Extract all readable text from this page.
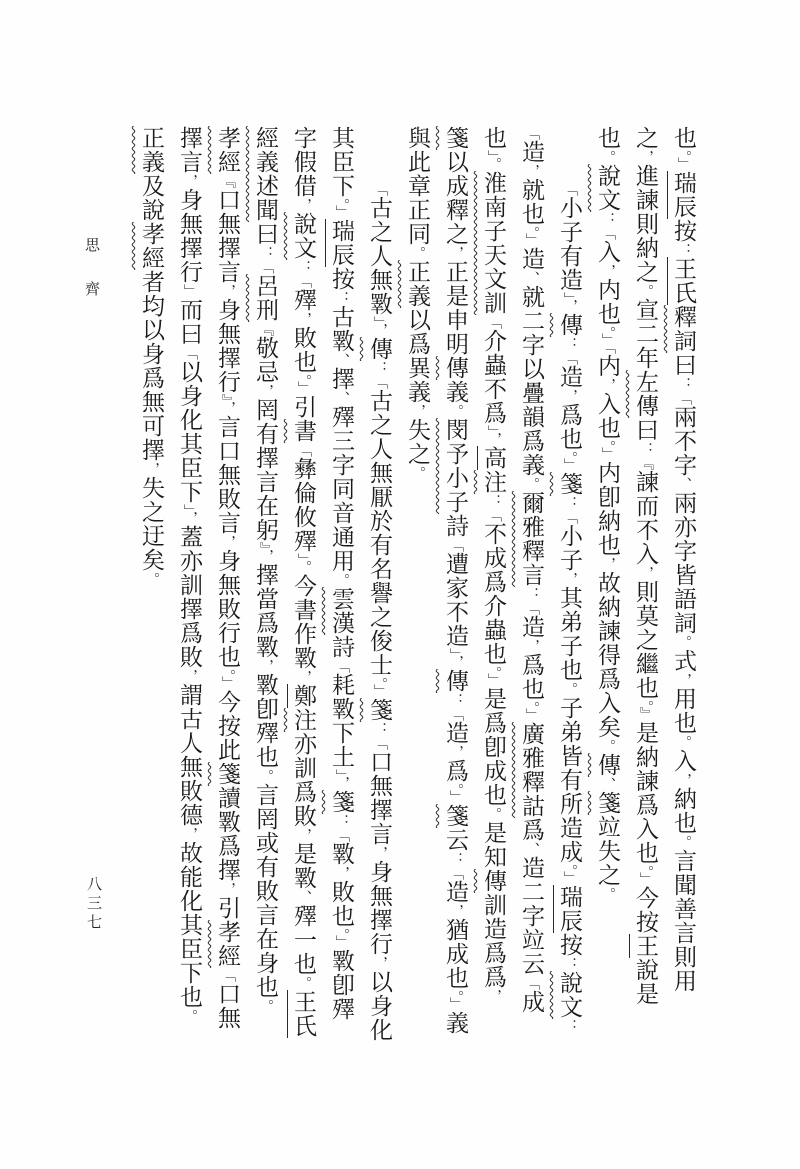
思齊
也。」瑞辰按：王氏釋詞曰：「兩不字、兩亦字皆語詞。式，用也。入，納也。言聞善言則用
之，進諫則納之。宣二年左傳曰：『諫而不入，則莫之繼也。』是納諫爲入也。」今按王說是
也。說文：「入，内也。」「内，入也。」内卽納也，故納諫得爲入矣。傳、箋竝失之。
「小子有造」，傳：「造，爲也。」箋：「小子，其弟子也。子弟皆有所造成。」瑞辰按：說文：
「造，就也。」造、就二字以疊韻爲義。爾雅釋言：「造，爲也。」廣雅釋詁爲、造二字竝云「成
也」。淮南子天文訓「介蟲不爲」，高注：「不成爲介蟲也。」是爲卽成也。是知傳訓造爲爲，
箋以成釋之，正是申明傳義。閔予小子詩「遭家不造」，傳：「造，爲。」箋云：「造，猶成也。」義
與此章正同。正義以爲異義，失之。
「古之人無斁」，傳：「古之人無厭於有名譽之俊士。」箋：「口無擇言，身無擇行，以身化
其臣下。」瑞辰按：古斁、擇、殬三字同音通用。雲漢詩「耗斁下土」，箋：「斁，敗也。」斁卽殬
字假借，說文：「殬，敗也。」引書「彝倫攸殬」。今書作斁，鄭注亦訓爲敗，是斁、殬一也。王氏
經義述聞曰：「呂刑『敬忌，罔有擇言在躬』，擇當爲斁，斁卽殬也。言罔或有敗言在身也。
孝經『口無擇言，身無擇行』，言口無敗言，身無敗行也。」今按此箋讀斁爲擇，引孝經「口無
擇言，身無擇行」而曰「以身化其臣下」，蓋亦訓擇爲敗，謂古人無敗德，故能化其臣下也。
正義及說孝經者均以身爲無可擇，失之迂矣。
八三七
